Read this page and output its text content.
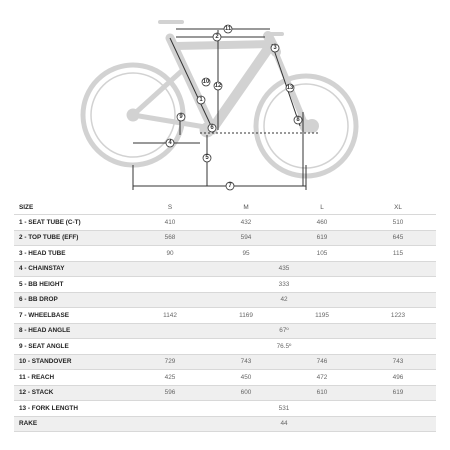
11
2
12
1
10
13
3
8
9
4
6
5
7
SIZE	S	M	L	XL
1 - SEAT TUBE (C-T)	410	432	460	510
2 - TOP TUBE (EFF)	568	594	619	645
3 - HEAD TUBE	90	95	105	115
4 - CHAINSTAY	435			
5 - BB HEIGHT	333			
6 - BB DROP	42			
7 - WHEELBASE	1142	1169	1195	1223
8 - HEAD ANGLE	67º			
9 - SEAT ANGLE	76.5º			
10 - STANDOVER	729	743	746	743
11 - REACH	425	450	472	496
12 - STACK	596	600	610	619
13 - FORK LENGTH	531			
RAKE	44			
